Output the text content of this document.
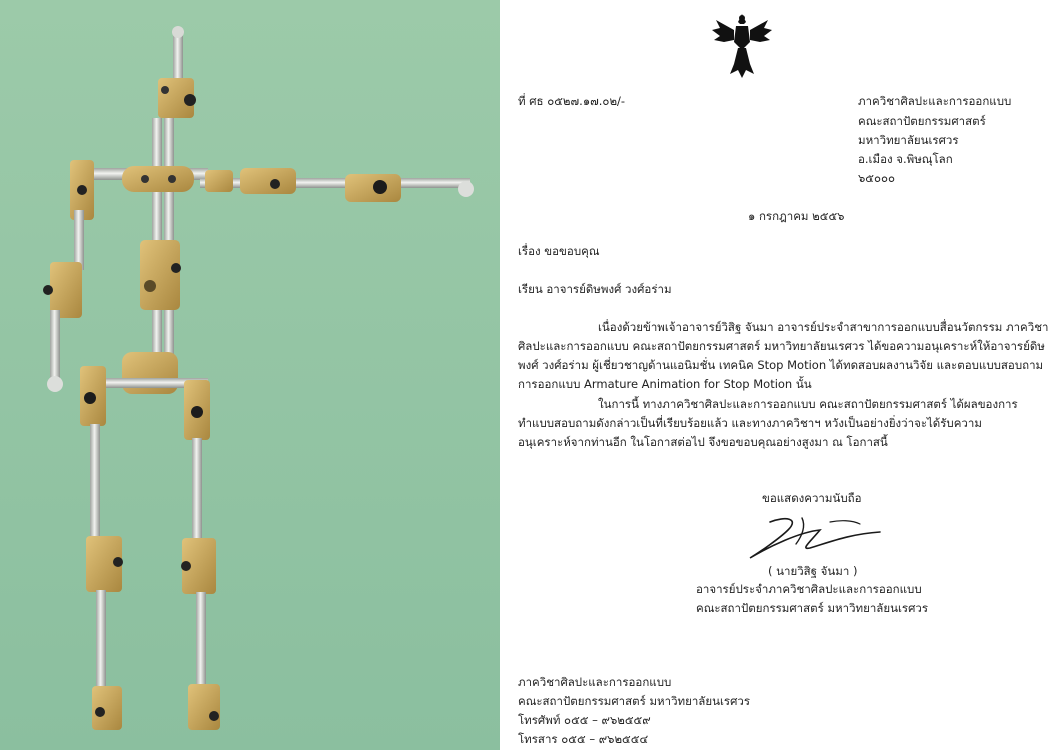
ที่ ศธ ๐๕๒๗.๑๗.๐๒/-	ภาควิชาศิลปะและการออกแบบ
คณะสถาปัตยกรรมศาสตร์
มหาวิทยาลัยนเรศวร
อ.เมือง จ.พิษณุโลก
๖๕๐๐๐
๑ กรกฎาคม ๒๕๕๖
เรื่อง ขอขอบคุณ
เรียน อาจารย์ดิษพงศ์ วงศ์อร่าม
เนื่องด้วยข้าพเจ้าอาจารย์วิสิฐ จันมา อาจารย์ประจำสาขาการออกแบบสื่อนวัตกรรม ภาควิชา
ศิลปะและการออกแบบ คณะสถาปัตยกรรมศาสตร์ มหาวิทยาลัยนเรศวร ได้ขอความอนุเคราะห์ให้อาจารย์ดิษ
พงศ์ วงศ์อร่าม ผู้เชี่ยวชาญด้านแอนิมชั่น เทคนิค Stop Motion ได้ทดสอบผลงานวิจัย และตอบแบบสอบถาม
การออกแบบ Armature Animation for Stop Motion นั้น
ในการนี้ ทางภาควิชาศิลปะและการออกแบบ คณะสถาปัตยกรรมศาสตร์ ได้ผลของการ
ทำแบบสอบถามดังกล่าวเป็นที่เรียบร้อยแล้ว และทางภาควิชาฯ หวังเป็นอย่างยิ่งว่าจะได้รับความ
อนุเคราะห์จากท่านอีก ในโอกาสต่อไป จึงขอขอบคุณอย่างสูงมา ณ โอกาสนี้
ขอแสดงความนับถือ
( นายวิสิฐ จันมา )
อาจารย์ประจำภาควิชาศิลปะและการออกแบบ
คณะสถาปัตยกรรมศาสตร์ มหาวิทยาลัยนเรศวร
ภาควิชาศิลปะและการออกแบบ
คณะสถาปัตยกรรมศาสตร์ มหาวิทยาลัยนเรศวร
โทรศัพท์ ๐๕๕ – ๙๖๒๕๕๙
โทรสาร ๐๕๕ – ๙๖๒๕๕๔
